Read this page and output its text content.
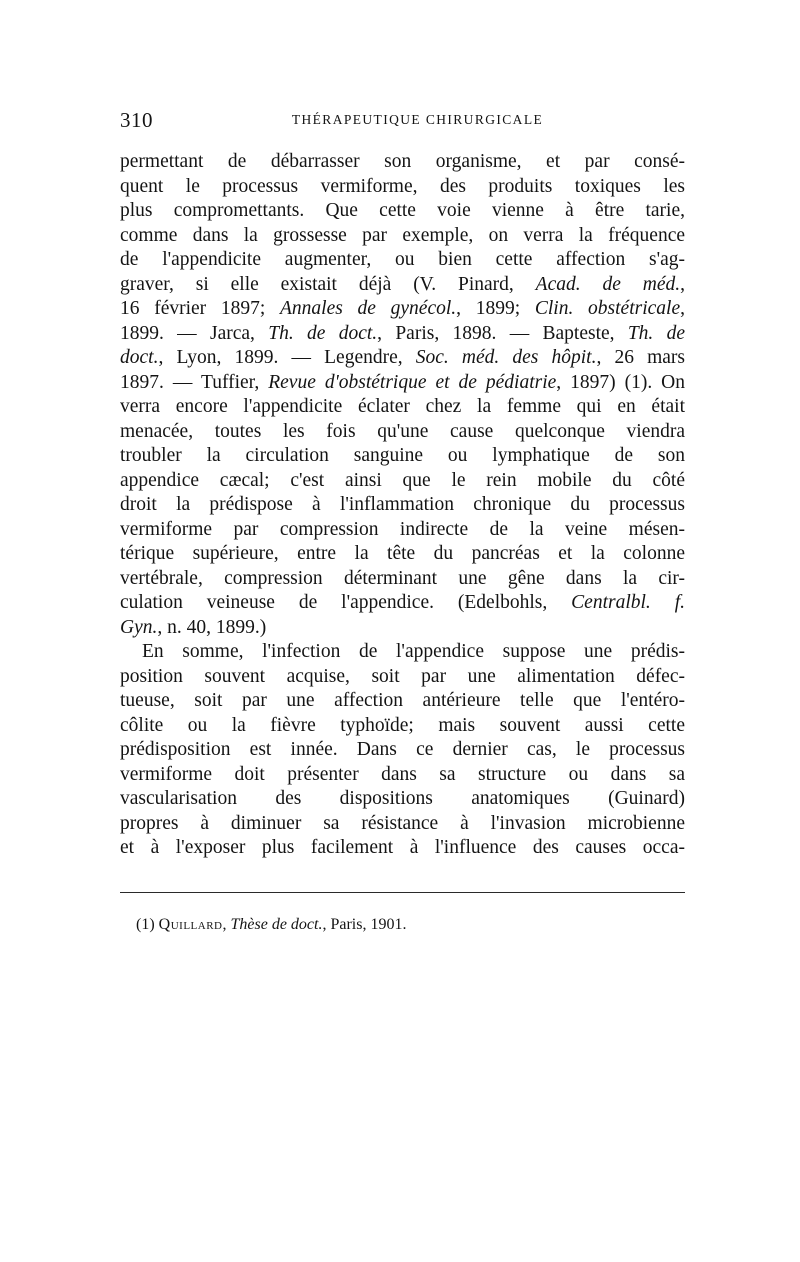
310	THÉRAPEUTIQUE CHIRURGICALE
permettant de débarrasser son organisme, et par consé-
quent le processus vermiforme, des produits toxiques les
plus compromettants. Que cette voie vienne à être tarie,
comme dans la grossesse par exemple, on verra la fréquence
de l'appendicite augmenter, ou bien cette affection s'ag-
graver, si elle existait déjà (V. Pinard, Acad. de méd.,
16 février 1897; Annales de gynécol., 1899; Clin. obstétricale,
1899. — Jarca, Th. de doct., Paris, 1898. — Bapteste, Th. de
doct., Lyon, 1899. — Legendre, Soc. méd. des hôpit., 26 mars
1897. — Tuffier, Revue d'obstétrique et de pédiatrie, 1897) (1). On
verra encore l'appendicite éclater chez la femme qui en était
menacée, toutes les fois qu'une cause quelconque viendra
troubler la circulation sanguine ou lymphatique de son
appendice cæcal; c'est ainsi que le rein mobile du côté
droit la prédispose à l'inflammation chronique du processus
vermiforme par compression indirecte de la veine mésen-
térique supérieure, entre la tête du pancréas et la colonne
vertébrale, compression déterminant une gêne dans la cir-
culation veineuse de l'appendice. (Edelbohls, Centralbl. f.
Gyn., n. 40, 1899.)
En somme, l'infection de l'appendice suppose une prédis-
position souvent acquise, soit par une alimentation défec-
tueuse, soit par une affection antérieure telle que l'entéro-
côlite ou la fièvre typhoïde; mais souvent aussi cette
prédisposition est innée. Dans ce dernier cas, le processus
vermiforme doit présenter dans sa structure ou dans sa
vascularisation des dispositions anatomiques (Guinard)
propres à diminuer sa résistance à l'invasion microbienne
et à l'exposer plus facilement à l'influence des causes occa-
(1) Quillard, Thèse de doct., Paris, 1901.
